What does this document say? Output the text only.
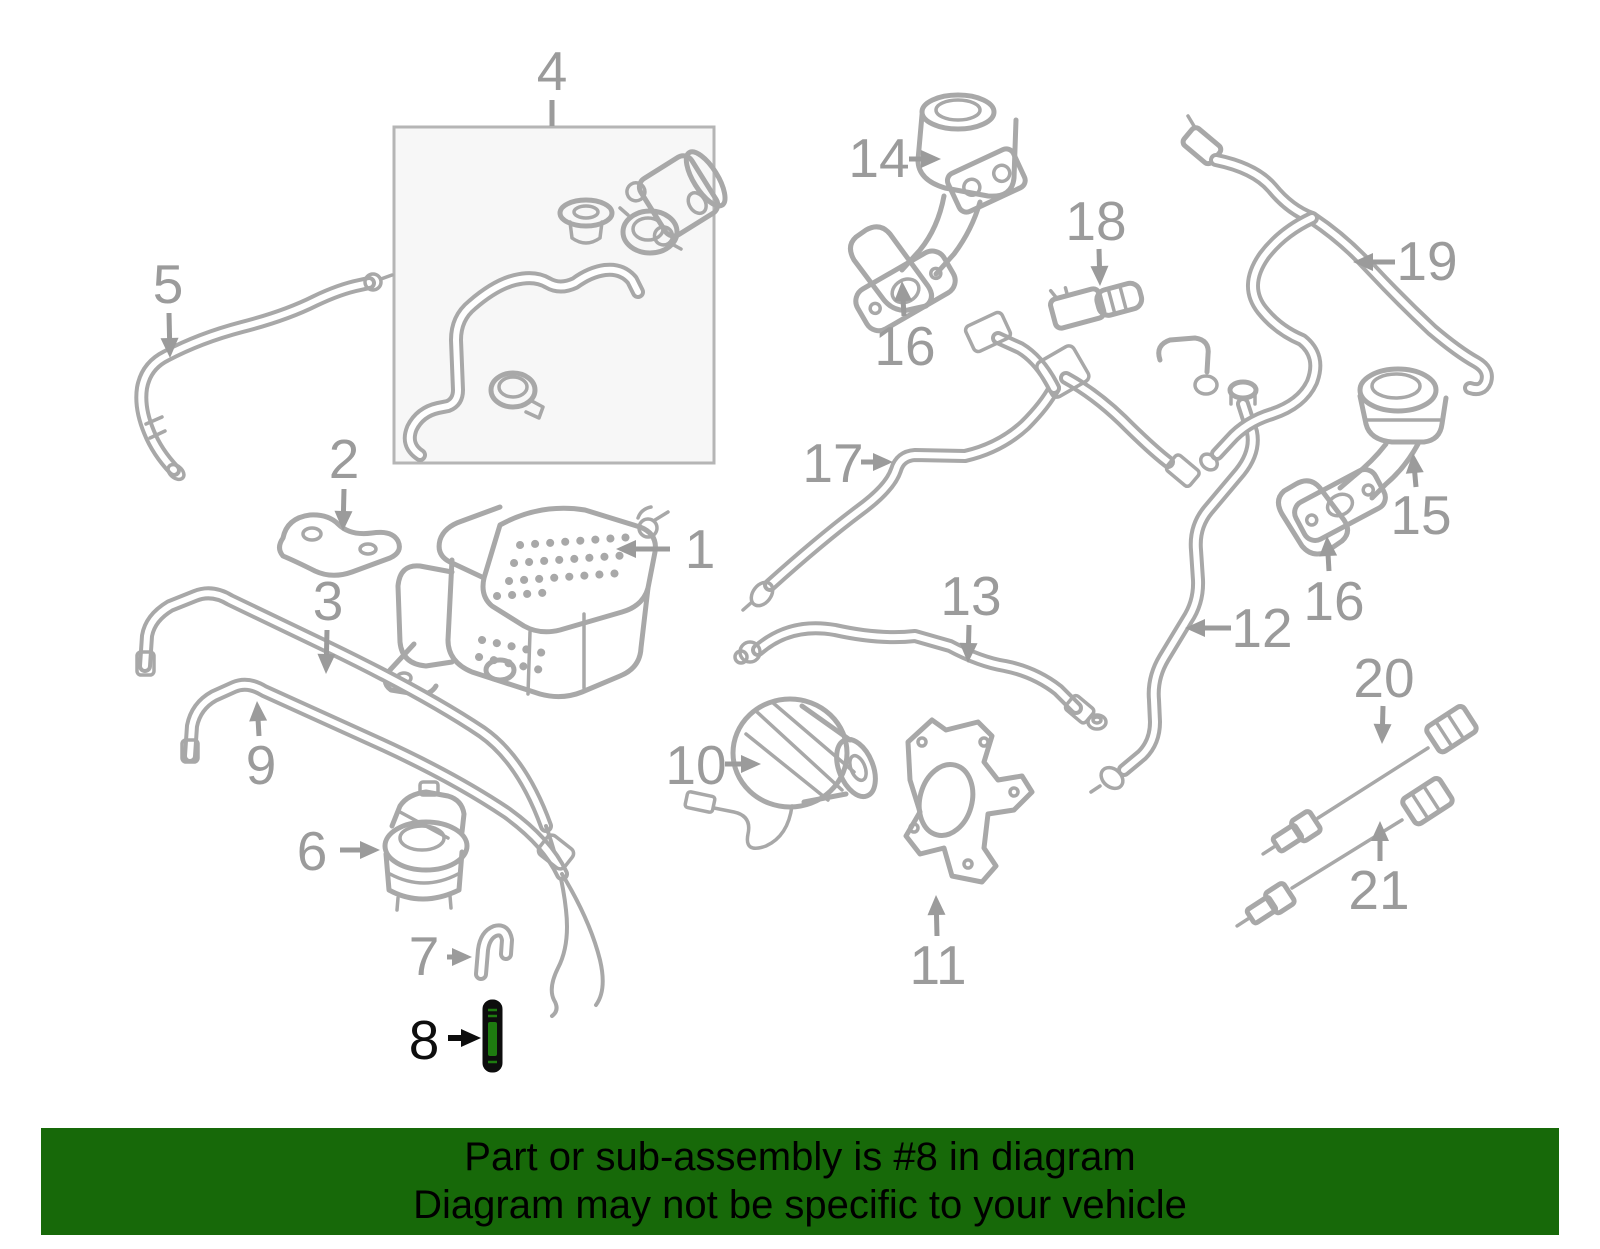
1
2
3
4
5
6
7
8
9	10
11
12
13
14
15
16
16
17
18
19
20
21
Part or sub-assembly is #8 in diagram
Diagram may not be specific to your vehicle
